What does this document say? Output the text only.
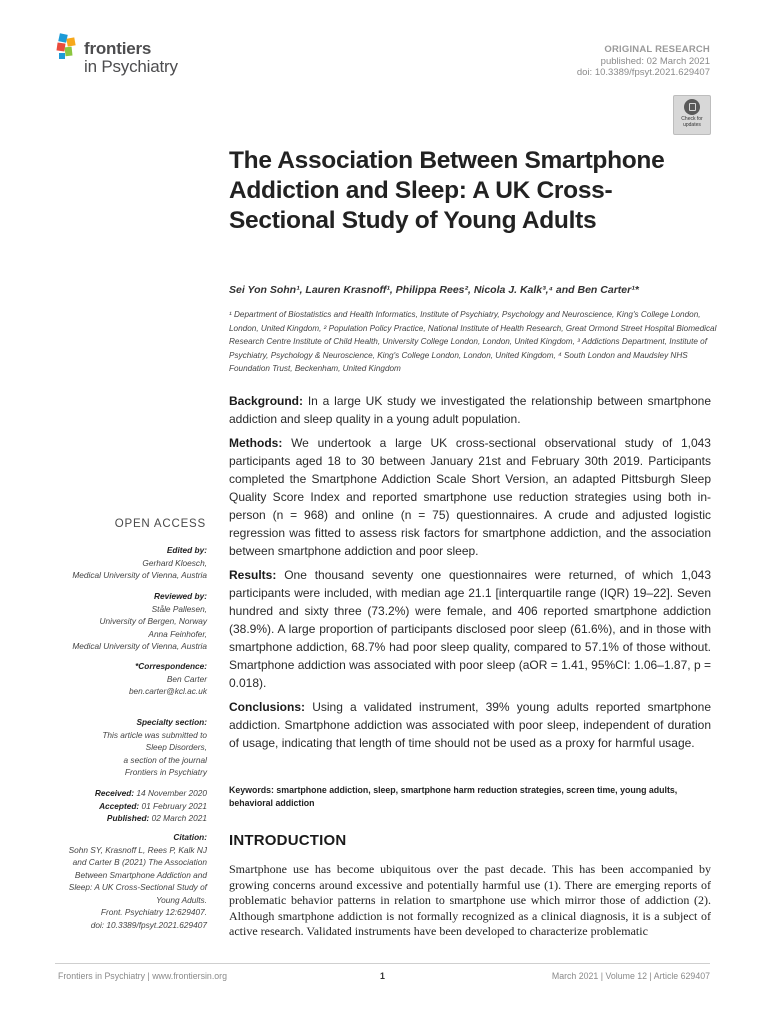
frontiers
in Psychiatry
ORIGINAL RESEARCH
published: 02 March 2021
doi: 10.3389/fpsyt.2021.629407
Check for updates
The Association Between Smartphone Addiction and Sleep: A UK Cross-Sectional Study of Young Adults
Sei Yon Sohn¹, Lauren Krasnoff¹, Philippa Rees², Nicola J. Kalk³,⁴ and Ben Carter¹*
¹ Department of Biostatistics and Health Informatics, Institute of Psychiatry, Psychology and Neuroscience, King's College London, London, United Kingdom, ² Population Policy Practice, National Institute of Health Research, Great Ormond Street Hospital Biomedical Research Centre Institute of Child Health, University College London, London, United Kingdom, ³ Addictions Department, Institute of Psychiatry, Psychology & Neuroscience, King's College London, London, United Kingdom, ⁴ South London and Maudsley NHS Foundation Trust, Beckenham, United Kingdom

Background: In a large UK study we investigated the relationship between smartphone addiction and sleep quality in a young adult population.

Methods: We undertook a large UK cross-sectional observational study of 1,043 participants aged 18 to 30 between January 21st and February 30th 2019. Participants completed the Smartphone Addiction Scale Short Version, an adapted Pittsburgh Sleep Quality Score Index and reported smartphone use reduction strategies using both in-person (n = 968) and online (n = 75) questionnaires. A crude and adjusted logistic regression was fitted to assess risk factors for smartphone addiction, and the association between smartphone addiction and poor sleep.

Results: One thousand seventy one questionnaires were returned, of which 1,043 participants were included, with median age 21.1 [interquartile range (IQR) 19–22]. Seven hundred and sixty three (73.2%) were female, and 406 reported smartphone addiction (38.9%). A large proportion of participants disclosed poor sleep (61.6%), and in those with smartphone addiction, 68.7% had poor sleep quality, compared to 57.1% of those without. Smartphone addiction was associated with poor sleep (aOR = 1.41, 95%CI: 1.06–1.87, p = 0.018).

Conclusions: Using a validated instrument, 39% young adults reported smartphone addiction. Smartphone addiction was associated with poor sleep, independent of duration of usage, indicating that length of time should not be used as a proxy for harmful usage.

Keywords: smartphone addiction, sleep, smartphone harm reduction strategies, screen time, young adults, behavioral addiction
INTRODUCTION
Smartphone use has become ubiquitous over the past decade. This has been accompanied by growing concerns around excessive and potentially harmful use (1). There are emerging reports of problematic behavior patterns in relation to smartphone use which mirror those of addiction (2). Although smartphone addiction is not formally recognized as a clinical diagnosis, it is a subject of active research. Validated instruments have been developed to characterize problematic
OPEN ACCESS
Edited by:
Gerhard Kloesch,
Medical University of Vienna, Austria
Reviewed by:
Ståle Pallesen,
University of Bergen, Norway
Anna Feinhofer,
Medical University of Vienna, Austria
*Correspondence:
Ben Carter
ben.carter@kcl.ac.uk
Specialty section:
This article was submitted to
Sleep Disorders,
a section of the journal
Frontiers in Psychiatry
Received: 14 November 2020
Accepted: 01 February 2021
Published: 02 March 2021
Citation:
Sohn SY, Krasnoff L, Rees P, Kalk NJ
and Carter B (2021) The Association
Between Smartphone Addiction and
Sleep: A UK Cross-Sectional Study of
Young Adults.
Front. Psychiatry 12:629407.
doi: 10.3389/fpsyt.2021.629407
Frontiers in Psychiatry | www.frontiersin.org	1	March 2021 | Volume 12 | Article 629407
